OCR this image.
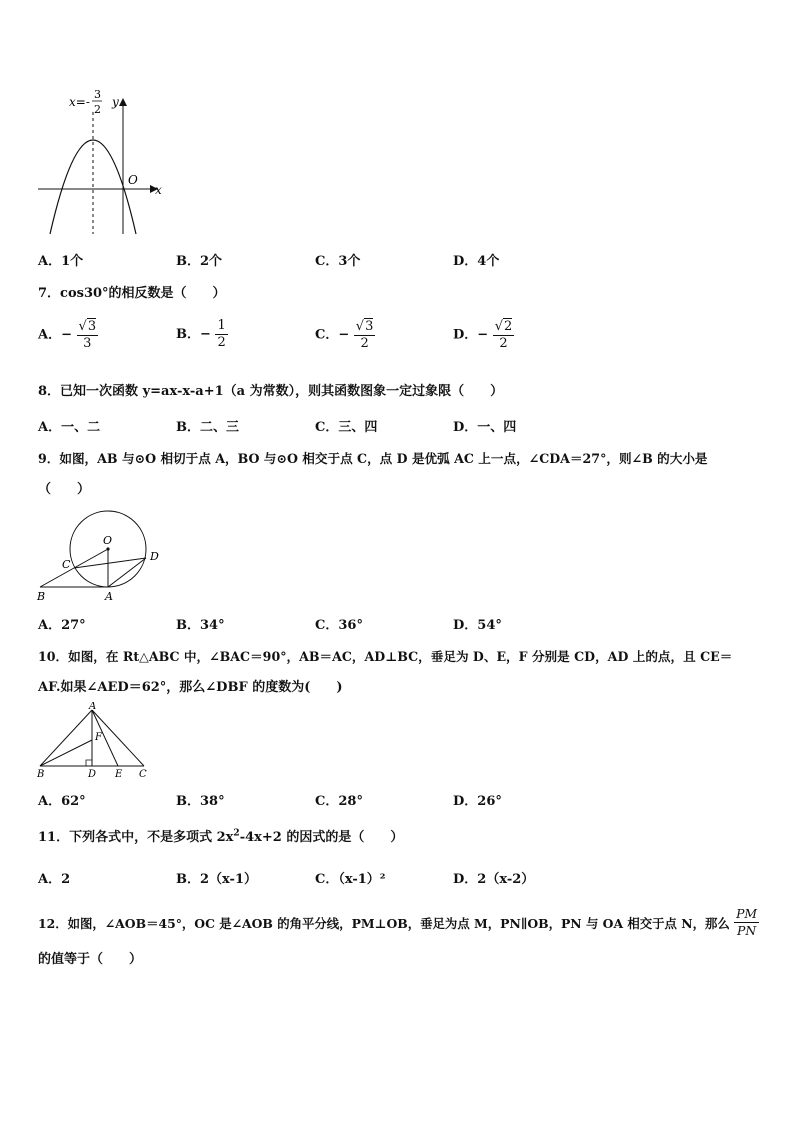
x=-
3
2
y
x
O
A．1个	B．2个	C．3个	D．4个
7．cos30°的相反数是（　　）
A．− $\frac{√3}{3}$	B．− $\frac{1}{2}$	C．− $\frac{√3}{2}$	D．− $\frac{√2}{2}$
8．已知一次函数 y=ax-x-a+1（a 为常数），则其函数图象一定过象限（　　）
A．一、二	B．二、三	C．三、四	D．一、四
9．如图，AB 与⊙O 相切于点 A，BO 与⊙O 相交于点 C，点 D 是优弧 AC 上一点，∠CDA＝27°，则∠B 的大小是
（　　）
O
C
D
B	A
A．27°	B．34°	C．36°	D．54°
10．如图，在 Rt△ABC 中，∠BAC＝90°，AB＝AC，AD⊥BC，垂足为 D、E，F 分别是 CD，AD 上的点，且 CE＝
AF.如果∠AED＝62°，那么∠DBF 的度数为(　　)
A
F
B	D E C
A．62°	B．38°	C．28°	D．26°
11．下列各式中，不是多项式 $2x^2-4x+2$ 的因式的是（　　）
A．2	B．2（x-1）	C．（x-1）²	D．2（x-2）
12．如图，∠AOB＝45°，OC 是∠AOB 的角平分线，PM⊥OB，垂足为点 M，PN∥OB，PN 与 OA 相交于点 N，那么 $\frac{PM}{PN}$
的值等于（　　）
